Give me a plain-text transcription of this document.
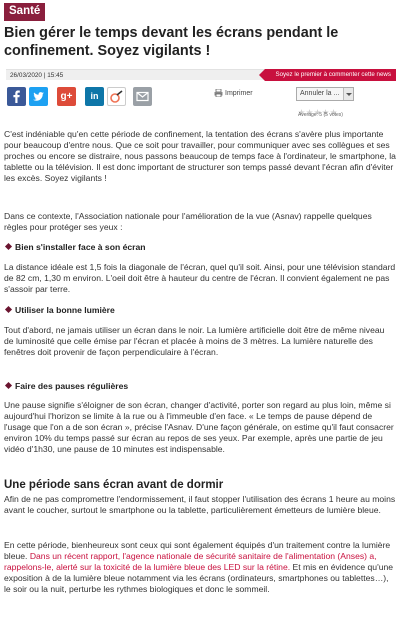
Santé
Bien gérer le temps devant les écrans pendant le confinement. Soyez vigilants !
26/03/2020 | 15:45	Soyez le premier à commenter cette news
g+	in	Imprimer	Annuler la ...
Average: 5 (5 votes)

C'est indéniable qu'en cette période de confinement, la tentation des écrans s'avère plus importante pour beaucoup d'entre nous. Que ce soit pour travailler, pour communiquer avec ses collègues et ses proches ou encore se distraire, nous passons beaucoup de temps face à l'ordinateur, le smartphone, la tablette ou la télévision. Il est donc important de structurer son temps passé devant l'écran afin d'éviter les excès. Soyez vigilants !

Dans ce contexte, l'Association nationale pour l'amélioration de la vue (Asnav) rappelle quelques règles pour protéger ses yeux :

Bien s'installer face à son écran

La distance idéale est 1,5 fois la diagonale de l'écran, quel qu'il soit. Ainsi, pour une télévision standard de 82 cm, 1,30 m environ. L'oeil doit être à hauteur du centre de l'écran. Il convient également ne pas s'assoir par terre.

Utiliser la bonne lumière

Tout d'abord, ne jamais utiliser un écran dans le noir. La lumière artificielle doit être de même niveau de luminosité que celle émise par l'écran et placée à moins de 3 mètres. La lumière naturelle des fenêtres doit provenir de façon perpendiculaire à l'écran.

Faire des pauses régulières

Une pause signifie s'éloigner de son écran, changer d'activité, porter son regard au plus loin, même si aujourd'hui l'horizon se limite à la rue ou à l'immeuble d'en face. « Le temps de pause dépend de l'usage que l'on a de son écran », précise l'Asnav. D'une façon générale, on estime qu'il faut consacrer environ 10% du temps passé sur écran au repos de ses yeux. Par exemple, après une partie de jeu vidéo d'1h30, une pause de 10 minutes est indispensable.

Une période sans écran avant de dormir

Afin de ne pas compromettre l'endormissement, il faut stopper l'utilisation des écrans 1 heure au moins avant le coucher, surtout le smartphone ou la tablette, particulièrement émetteurs de lumière bleue.

En cette période, bienheureux sont ceux qui sont également équipés d'un traitement contre la lumière bleue. Dans un récent rapport, l'agence nationale de sécurité sanitaire de l'alimentation (Anses) a, rappelons-le, alerté sur la toxicité de la lumière bleue des LED sur la rétine. Et mis en évidence qu'une exposition à de la lumière bleue notamment via les écrans (ordinateurs, smartphones ou tablettes…), le soir ou la nuit, perturbe les rythmes biologiques et donc le sommeil.
